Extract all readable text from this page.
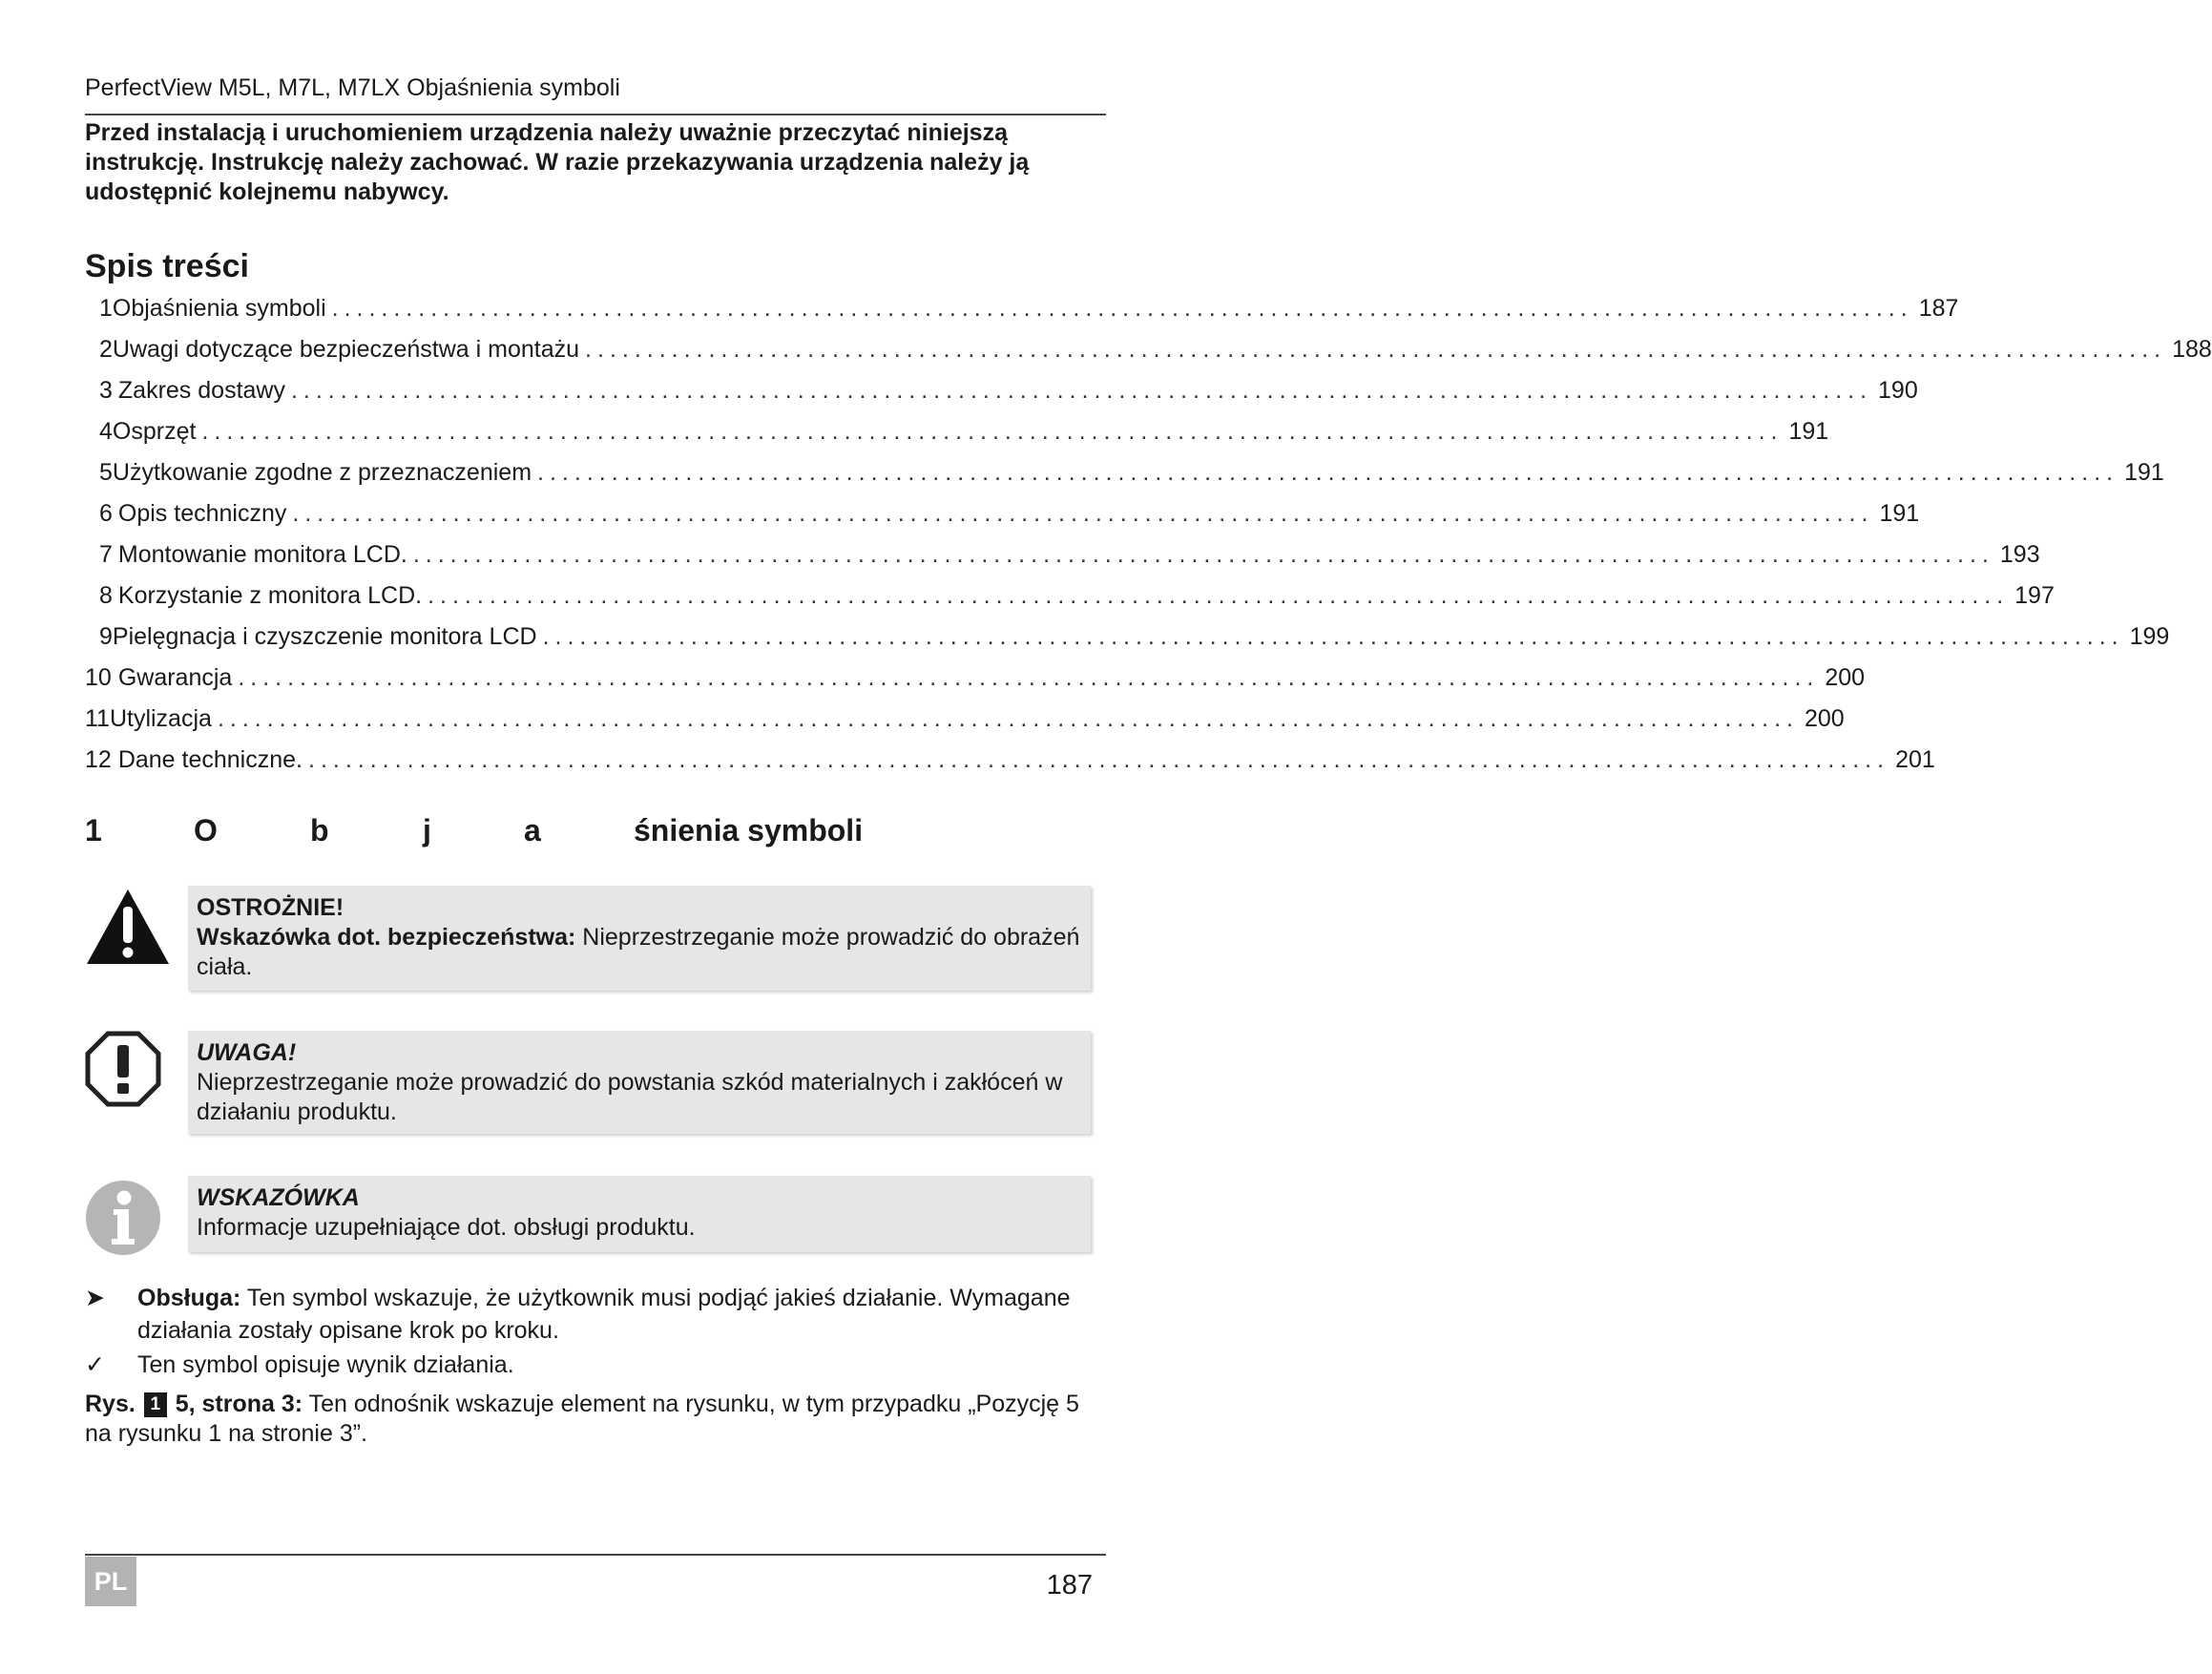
PerfectView M5L, M7L, M7LX Objaśnienia symboli
Przed instalacją i uruchomieniem urządzenia należy uważnie przeczytać niniejszą instrukcję. Instrukcję należy zachować. W razie przekazywania urządzenia należy ją udostępnić kolejnemu nabywcy.
Spis treści
1 Objaśnienia symboli ................................................................................................................................ 187
2 Uwagi dotyczące bezpieczeństwa i montażu ................................................................................................................................ 188
3 Zakres dostawy ................................................................................................................................ 190
4 Osprzęt ................................................................................................................................ 191
5 Użytkowanie zgodne z przeznaczeniem ................................................................................................................................ 191
6 Opis techniczny ................................................................................................................................ 191
7 Montowanie monitora LCD. ................................................................................................................................ 193
8 Korzystanie z monitora LCD. ................................................................................................................................ 197
9 Pielęgnacja i czyszczenie monitora LCD ................................................................................................................................ 199
10 Gwarancja ................................................................................................................................ 200
11 Utylizacja ................................................................................................................................ 200
12 Dane techniczne. ................................................................................................................................ 201
1	O	b	j	a	śnienia symboli
OSTROŻNIE!
Wskazówka dot. bezpieczeństwa: Nieprzestrzeganie może prowadzić do obrażeń ciała.
UWAGA!
Nieprzestrzeganie może prowadzić do powstania szkód materialnych i zakłóceń w działaniu produktu.
WSKAZÓWKA
Informacje uzupełniające dot. obsługi produktu.
➤	Obsługa: Ten symbol wskazuje, że użytkownik musi podjąć jakieś działanie. Wymagane działania zostały opisane krok po kroku.
✓	Ten symbol opisuje wynik działania.
Rys. 1 5, strona 3: Ten odnośnik wskazuje element na rysunku, w tym przypadku „Pozycję 5 na rysunku 1 na stronie 3”.
PL	187
